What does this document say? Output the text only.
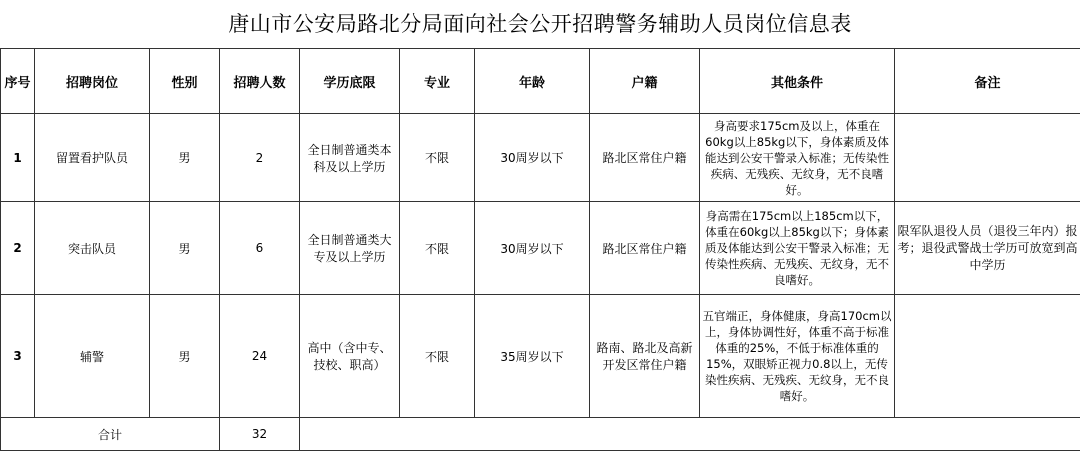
唐山市公安局路北分局面向社会公开招聘警务辅助人员岗位信息表
序号	招聘岗位	性别	招聘人数	学历底限	专业	年龄	户籍	其他条件	备注
1	留置看护队员	男	2	全日制普通类本科及以上学历	不限	30周岁以下	路北区常住户籍	身高要求175cm及以上，体重在60kg以上85kg以下，身体素质及体能达到公安干警录入标准；无传染性疾病、无残疾、无纹身，无不良嗜好。	
2	突击队员	男	6	全日制普通类大专及以上学历	不限	30周岁以下	路北区常住户籍	身高需在175cm以上185cm以下，体重在60kg以上85kg以下；身体素质及体能达到公安干警录入标准；无传染性疾病、无残疾、无纹身，无不良嗜好。	限军队退役人员（退役三年内）报考；退役武警战士学历可放宽到高中学历
3	辅警	男	24	高中（含中专、技校、职高）	不限	35周岁以下	路南、路北及高新开发区常住户籍	五官端正，身体健康，身高170cm以上，身体协调性好，体重不高于标准体重的25%，不低于标准体重的15%，双眼矫正视力0.8以上，无传染性疾病、无残疾、无纹身，无不良嗜好。	
合计			32						
